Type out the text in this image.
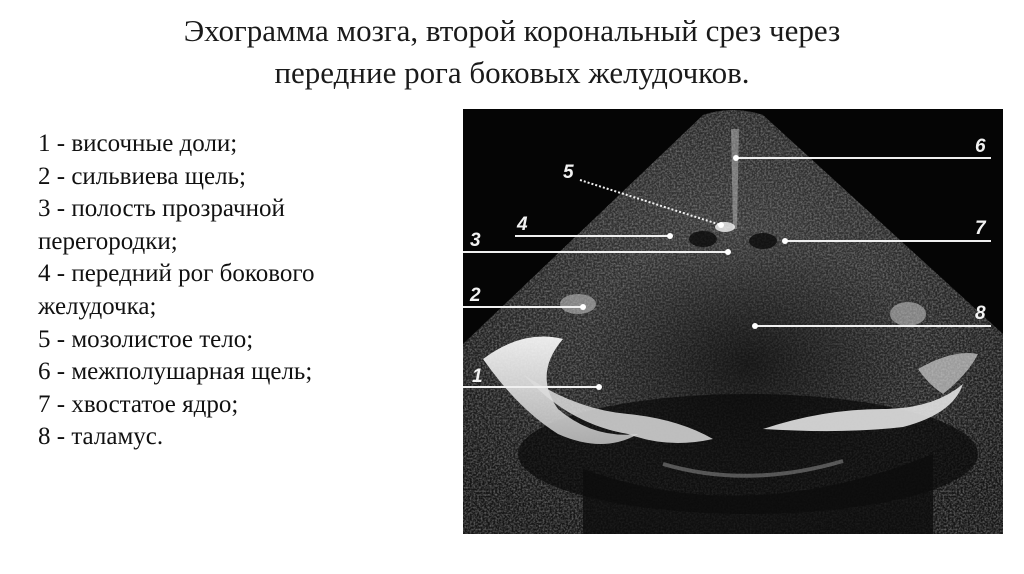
Эхограмма мозга, второй корональный срез через
передние рога боковых желудочков.
1 - височные доли;
2 - сильвиева щель;
3 - полость прозрачной
перегородки;
4 - передний рог бокового
желудочка;
5 - мозолистое тело;
6 - межполушарная щель;
7 - хвостатое ядро;
8 - таламус.
6
5
4
3
7
2
8
1
